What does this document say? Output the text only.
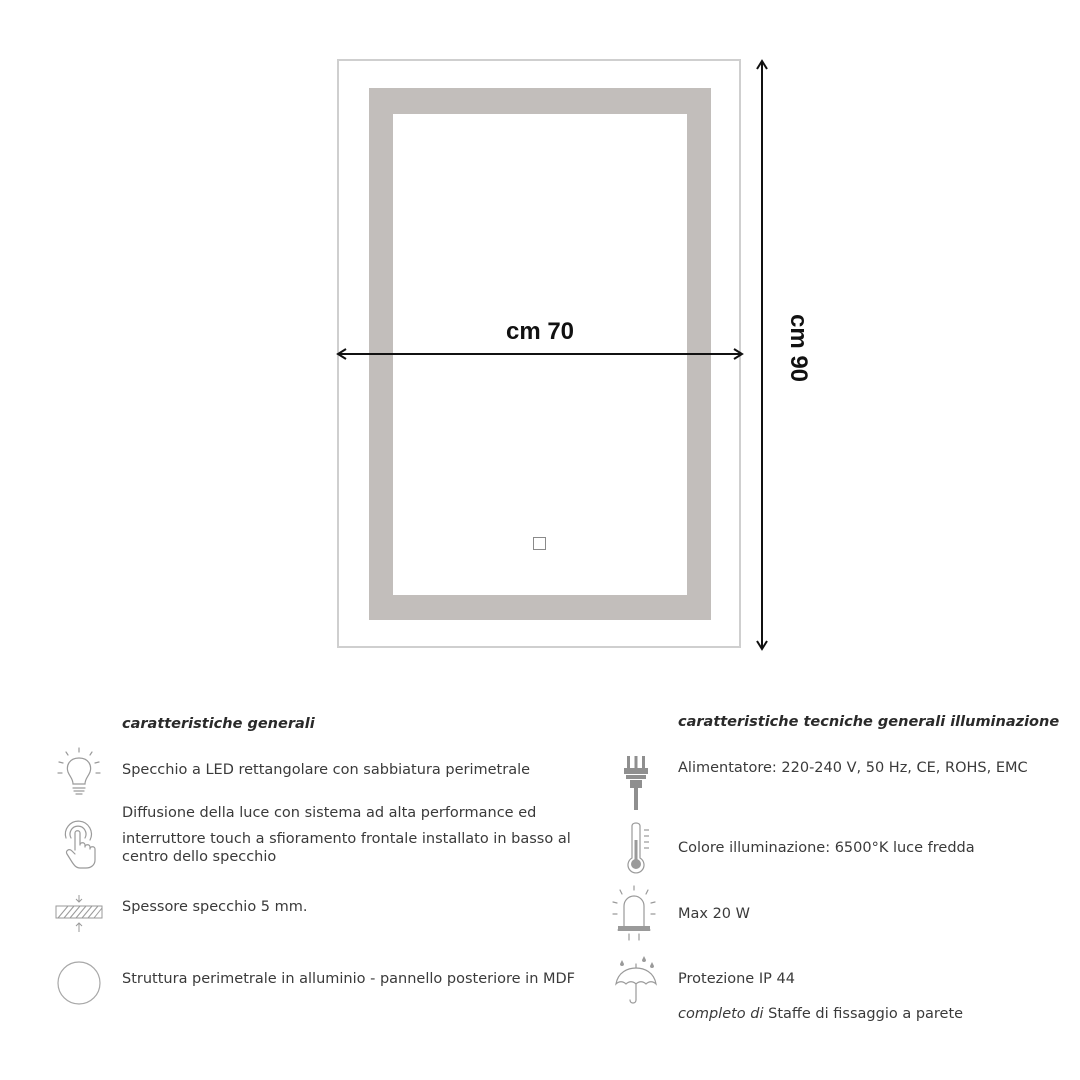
cm 70	cm 90
caratteristiche generali
Specchio a LED rettangolare con sabbiatura perimetrale
Diffusione della luce con sistema ad alta performance ed
interruttore touch a sfioramento frontale installato in basso al
centro dello specchio
Spessore specchio 5 mm.
Struttura perimetrale in alluminio - pannello posteriore in MDF
caratteristiche tecniche generali illuminazione
Alimentatore: 220-240 V, 50 Hz, CE, ROHS, EMC
Colore illuminazione: 6500°K luce fredda
Max 20 W
Protezione IP 44
completo di Staffe di fissaggio a parete
